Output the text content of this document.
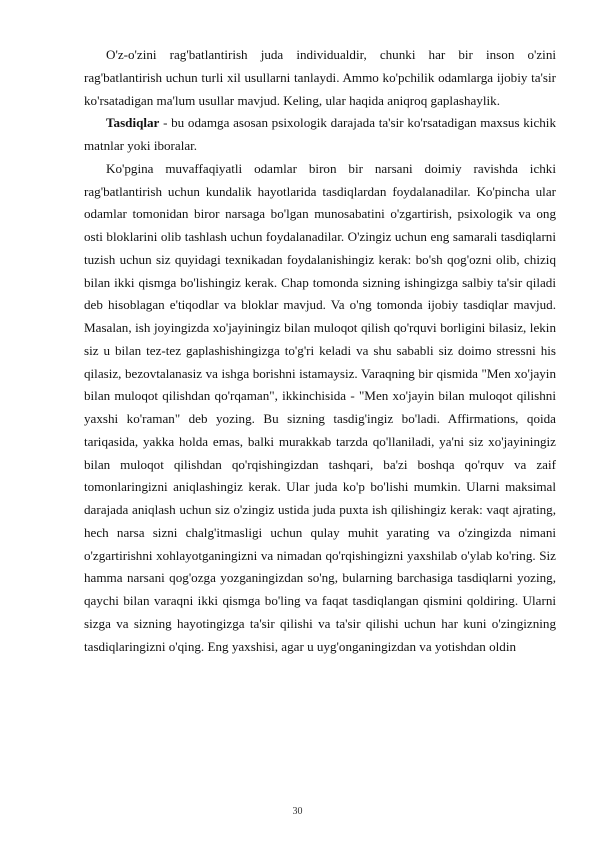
O'z-o'zini rag'batlantirish juda individualdir, chunki har bir inson o'zini rag'batlantirish uchun turli xil usullarni tanlaydi. Ammo ko'pchilik odamlarga ijobiy ta'sir ko'rsatadigan ma'lum usullar mavjud. Keling, ular haqida aniqroq gaplashaylik.

Tasdiqlar - bu odamga asosan psixologik darajada ta'sir ko'rsatadigan maxsus kichik matnlar yoki iboralar.

Ko'pgina muvaffaqiyatli odamlar biron bir narsani doimiy ravishda ichki rag'batlantirish uchun kundalik hayotlarida tasdiqlardan foydalanadilar. Ko'pincha ular odamlar tomonidan biror narsaga bo'lgan munosabatini o'zgartirish, psixologik va ong osti bloklarini olib tashlash uchun foydalanadilar. O'zingiz uchun eng samarali tasdiqlarni tuzish uchun siz quyidagi texnikadan foydalanishingiz kerak: bo'sh qog'ozni olib, chiziq bilan ikki qismga bo'lishingiz kerak. Chap tomonda sizning ishingizga salbiy ta'sir qiladi deb hisoblagan e'tiqodlar va bloklar mavjud. Va o'ng tomonda ijobiy tasdiqlar mavjud. Masalan, ish joyingizda xo'jayiningiz bilan muloqot qilish qo'rquvi borligini bilasiz, lekin siz u bilan tez-tez gaplashishingizga to'g'ri keladi va shu sababli siz doimo stressni his qilasiz, bezovtalanasiz va ishga borishni istamaysiz. Varaqning bir qismida "Men xo'jayin bilan muloqot qilishdan qo'rqaman", ikkinchisida - "Men xo'jayin bilan muloqot qilishni yaxshi ko'raman" deb yozing. Bu sizning tasdig'ingiz bo'ladi. Affirmations, qoida tariqasida, yakka holda emas, balki murakkab tarzda qo'llaniladi, ya'ni siz xo'jayiningiz bilan muloqot qilishdan qo'rqishingizdan tashqari, ba'zi boshqa qo'rquv va zaif tomonlaringizni aniqlashingiz kerak. Ular juda ko'p bo'lishi mumkin. Ularni maksimal darajada aniqlash uchun siz o'zingiz ustida juda puxta ish qilishingiz kerak: vaqt ajrating, hech narsa sizni chalg'itmasligi uchun qulay muhit yarating va o'zingizda nimani o'zgartirishni xohlayotganingizni va nimadan qo'rqishingizni yaxshilab o'ylab ko'ring. Siz hamma narsani qog'ozga yozganingizdan so'ng, bularning barchasiga tasdiqlarni yozing, qaychi bilan varaqni ikki qismga bo'ling va faqat tasdiqlangan qismini qoldiring. Ularni sizga va sizning hayotingizga ta'sir qilishi va ta'sir qilishi uchun har kuni o'zingizning tasdiqlaringizni o'qing. Eng yaxshisi, agar u uyg'onganingizdan va yotishdan oldin

30
